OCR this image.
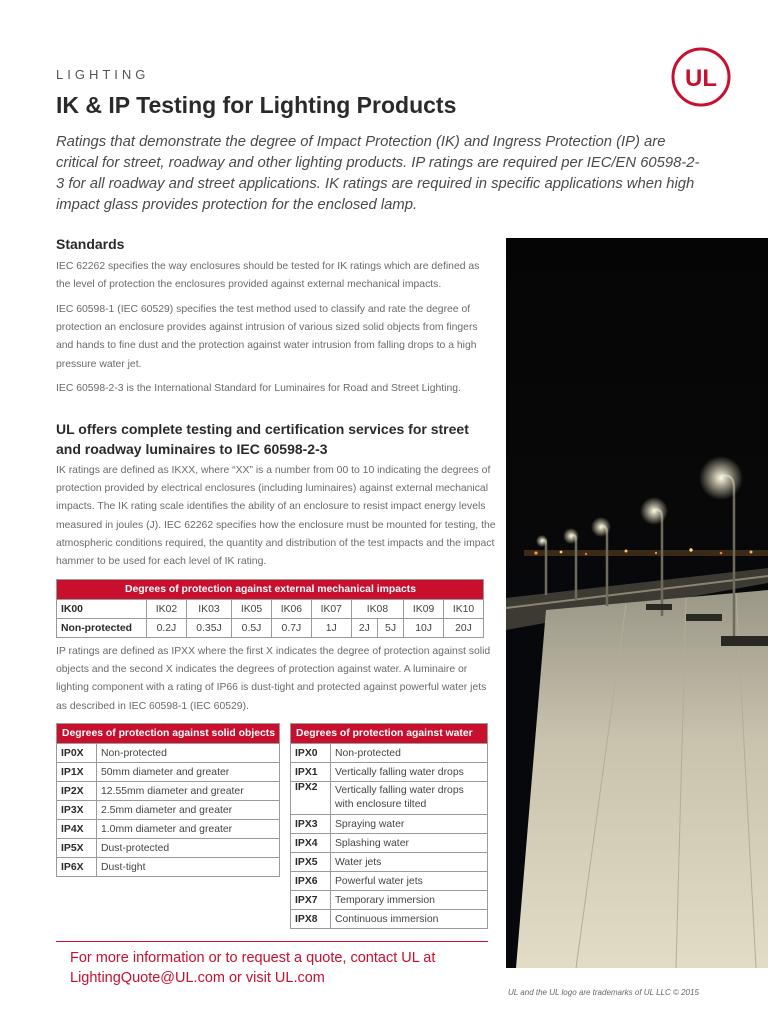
LIGHTING
IK & IP Testing for Lighting Products
UL
Ratings that demonstrate the degree of Impact Protection (IK) and Ingress Protection (IP) are critical for street, roadway and other lighting products. IP ratings are required per IEC/EN 60598-2-3 for all roadway and street applications. IK ratings are required in specific applications when high impact glass provides protection for the enclosed lamp.
Standards
IEC 62262 specifies the way enclosures should be tested for IK ratings which are defined as the level of protection the enclosures provided against external mechanical impacts.
IEC 60598-1 (IEC 60529) specifies the test method used to classify and rate the degree of protection an enclosure provides against intrusion of various sized solid objects from fingers and hands to fine dust and the protection against water intrusion from falling drops to a high pressure water jet.
IEC 60598-2-3 is the International Standard for Luminaires for Road and Street Lighting.
UL offers complete testing and certification services for street
and roadway luminaires to IEC 60598-2-3
IK ratings are defined as IKXX, where “XX” is a number from 00 to 10 indicating the degrees of protection provided by electrical enclosures (including luminaires) against external mechanical impacts. The IK rating scale identifies the ability of an enclosure to resist impact energy levels measured in joules (J). IEC 62262 specifies how the enclosure must be mounted for testing, the atmospheric conditions required, the quantity and distribution of the test impacts and the impact hammer to be used for each level of IK rating.
Degrees of protection against external mechanical impacts									
IK00	IK02	IK03	IK05	IK06	IK07	IK08		IK09	IK10
Non-protected	0.2J	0.35J	0.5J	0.7J	1J	2J	5J	10J	20J
IP ratings are defined as IPXX where the first X indicates the degree of protection against solid objects and the second X indicates the degrees of protection against water. A luminaire or lighting component with a rating of IP66 is dust-tight and protected against powerful water jets as described in IEC 60598-1 (IEC 60529).
Degrees of protection against solid objects	
IP0X	Non-protected
IP1X	50mm diameter and greater
IP2X	12.55mm diameter and greater
IP3X	2.5mm diameter and greater
IP4X	1.0mm diameter and greater
IP5X	Dust-protected
IP6X	Dust-tight
Degrees of protection against water	
IPX0	Non-protected
IPX1	Vertically falling water drops
IPX2	Vertically falling water drops
with enclosure tilted

IPX3	Spraying water
IPX4	Splashing water
IPX5	Water jets
IPX6	Powerful water jets
IPX7	Temporary immersion
IPX8	Continuous immersion
For more information or to request a quote, contact UL at
LightingQuote@UL.com or visit UL.com
UL and the UL logo are trademarks of UL LLC © 2015
